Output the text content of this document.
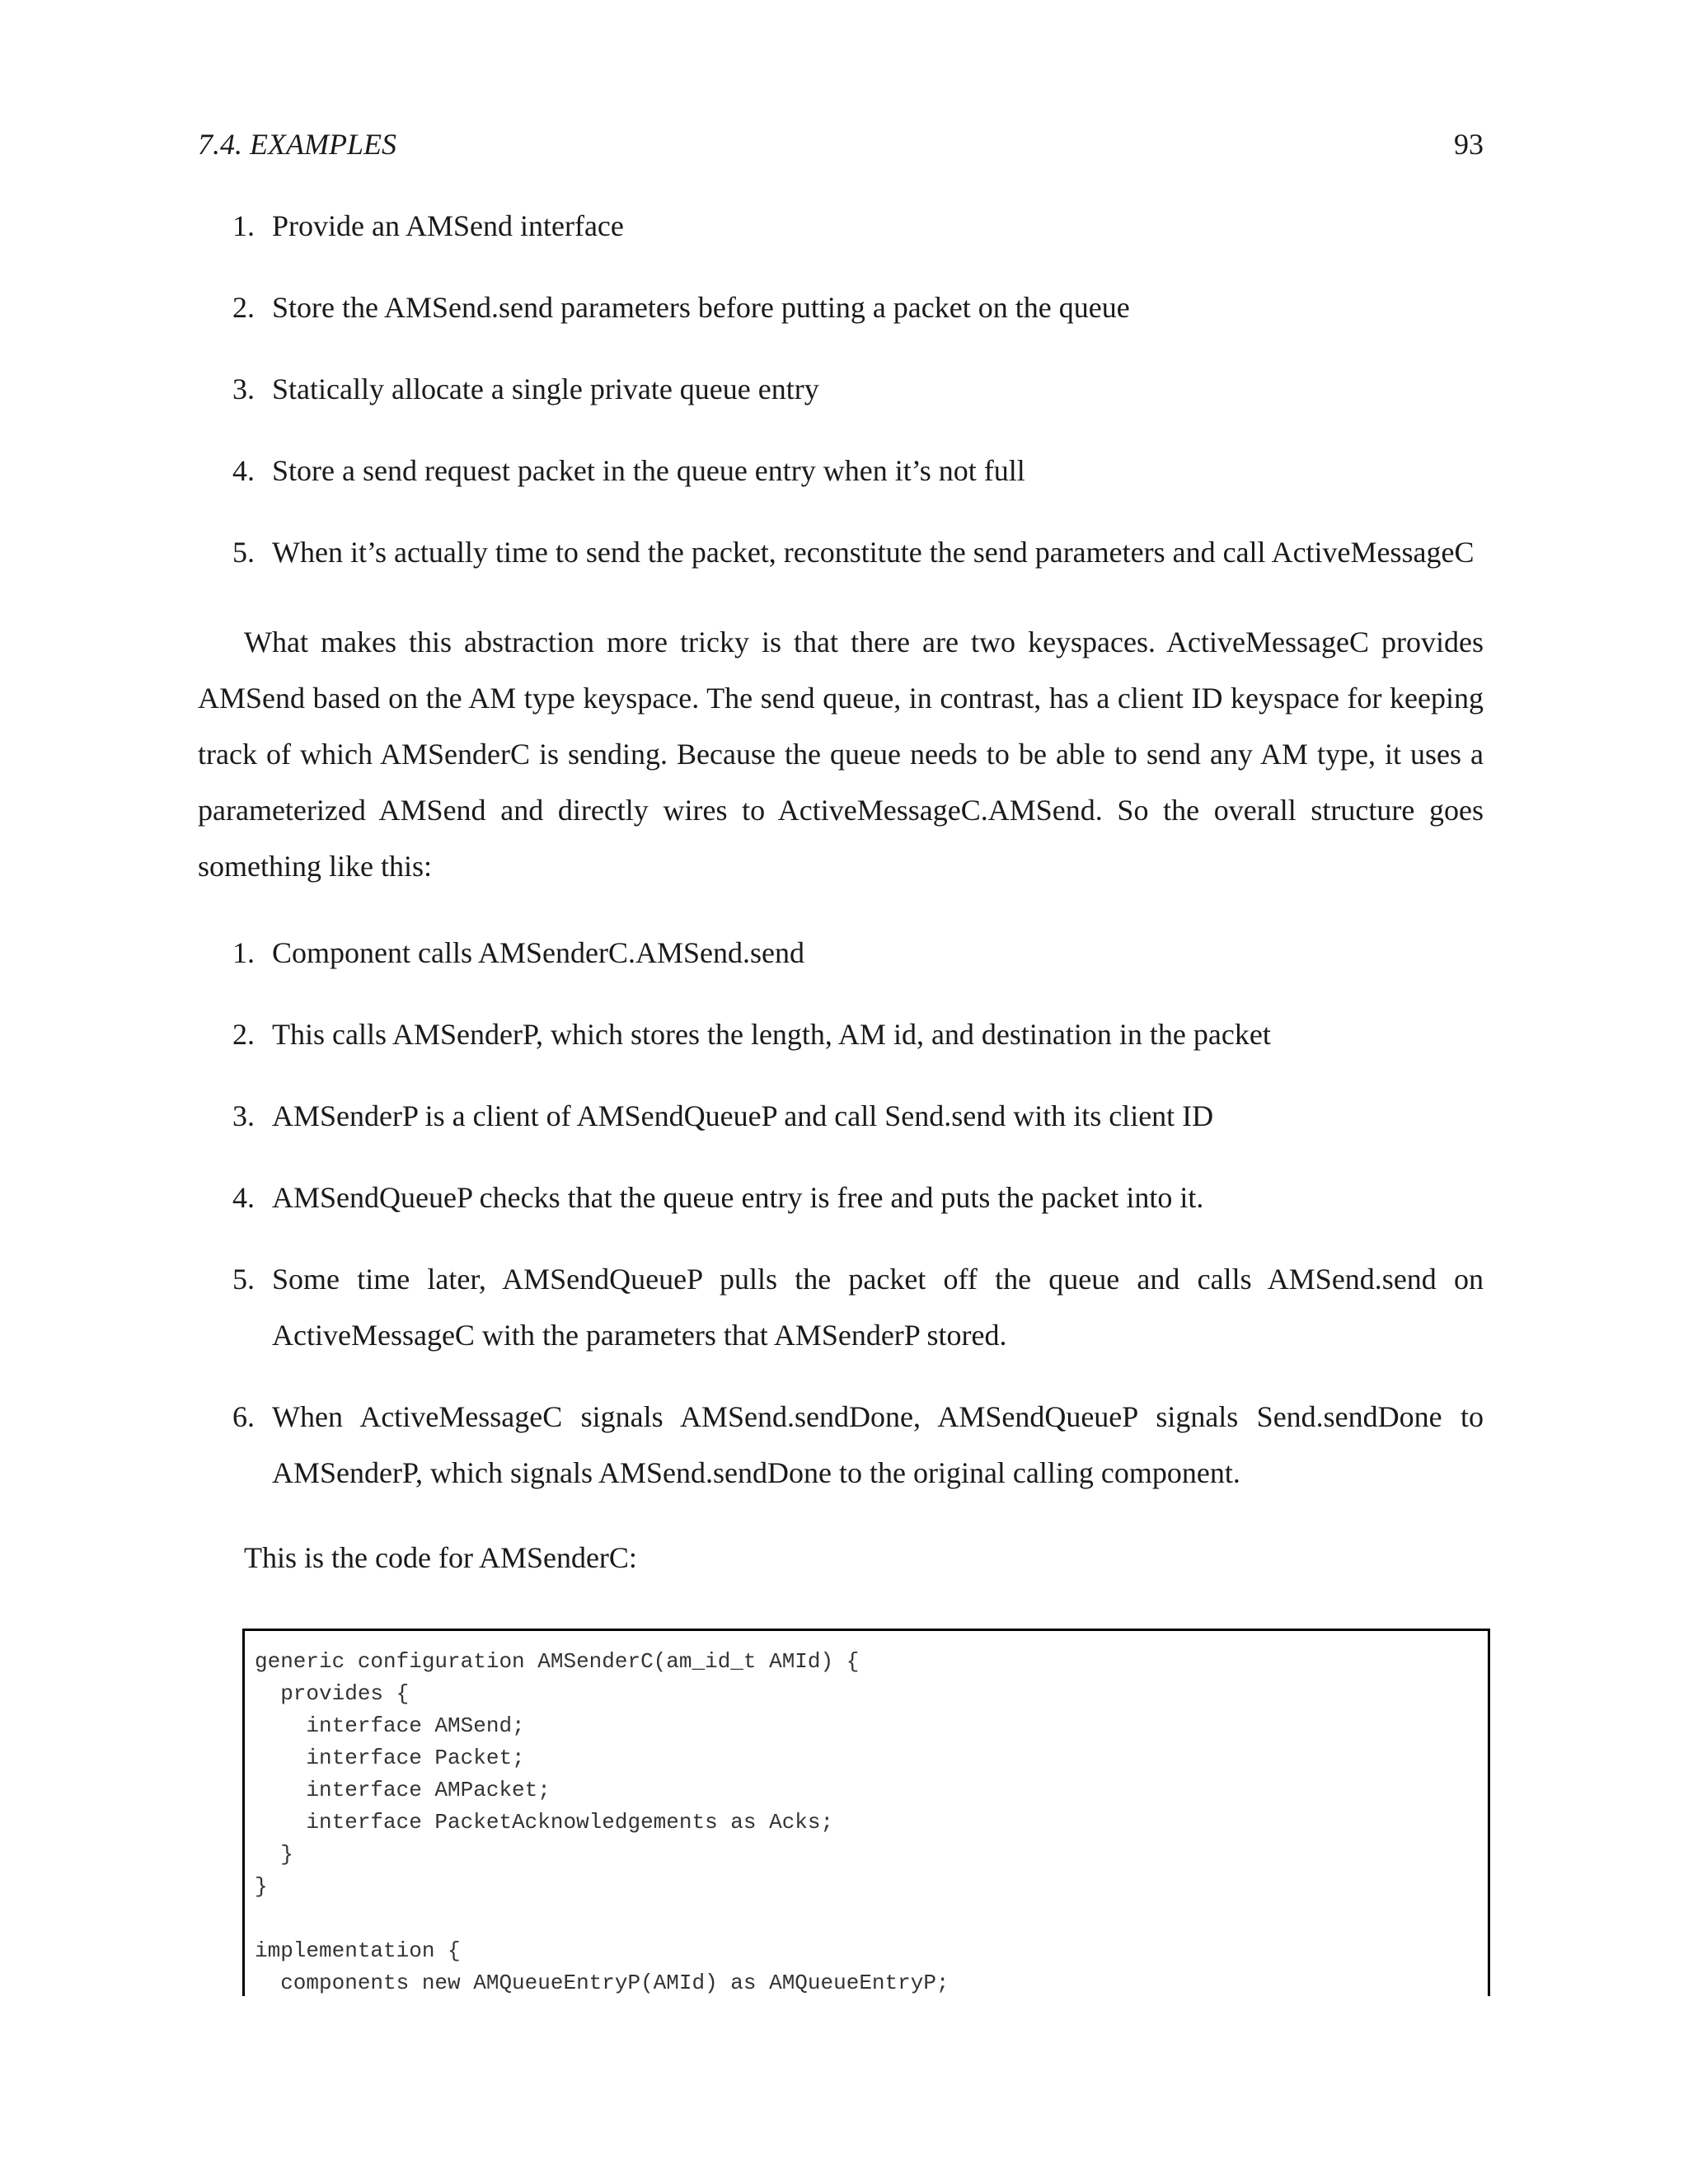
7.4. EXAMPLES	93
1. Provide an AMSend interface
2. Store the AMSend.send parameters before putting a packet on the queue
3. Statically allocate a single private queue entry
4. Store a send request packet in the queue entry when it’s not full
5. When it’s actually time to send the packet, reconstitute the send parameters and call ActiveMessageC

What makes this abstraction more tricky is that there are two keyspaces. ActiveMessageC provides AMSend based on the AM type keyspace. The send queue, in contrast, has a client ID keyspace for keeping track of which AMSenderC is sending. Because the queue needs to be able to send any AM type, it uses a parameterized AMSend and directly wires to ActiveMessageC.AMSend. So the overall structure goes something like this:

1. Component calls AMSenderC.AMSend.send
2. This calls AMSenderP, which stores the length, AM id, and destination in the packet
3. AMSenderP is a client of AMSendQueueP and call Send.send with its client ID
4. AMSendQueueP checks that the queue entry is free and puts the packet into it.
5. Some time later, AMSendQueueP pulls the packet off the queue and calls AMSend.send on ActiveMessageC with the parameters that AMSenderP stored.
6. When ActiveMessageC signals AMSend.sendDone, AMSendQueueP signals Send.sendDone to AMSenderP, which signals AMSend.sendDone to the original calling component.

This is the code for AMSenderC:

generic configuration AMSenderC(am_id_t AMId) {
provides {
interface AMSend;
interface Packet;
interface AMPacket;
interface PacketAcknowledgements as Acks;
}
}

implementation {
components new AMQueueEntryP(AMId) as AMQueueEntryP;
